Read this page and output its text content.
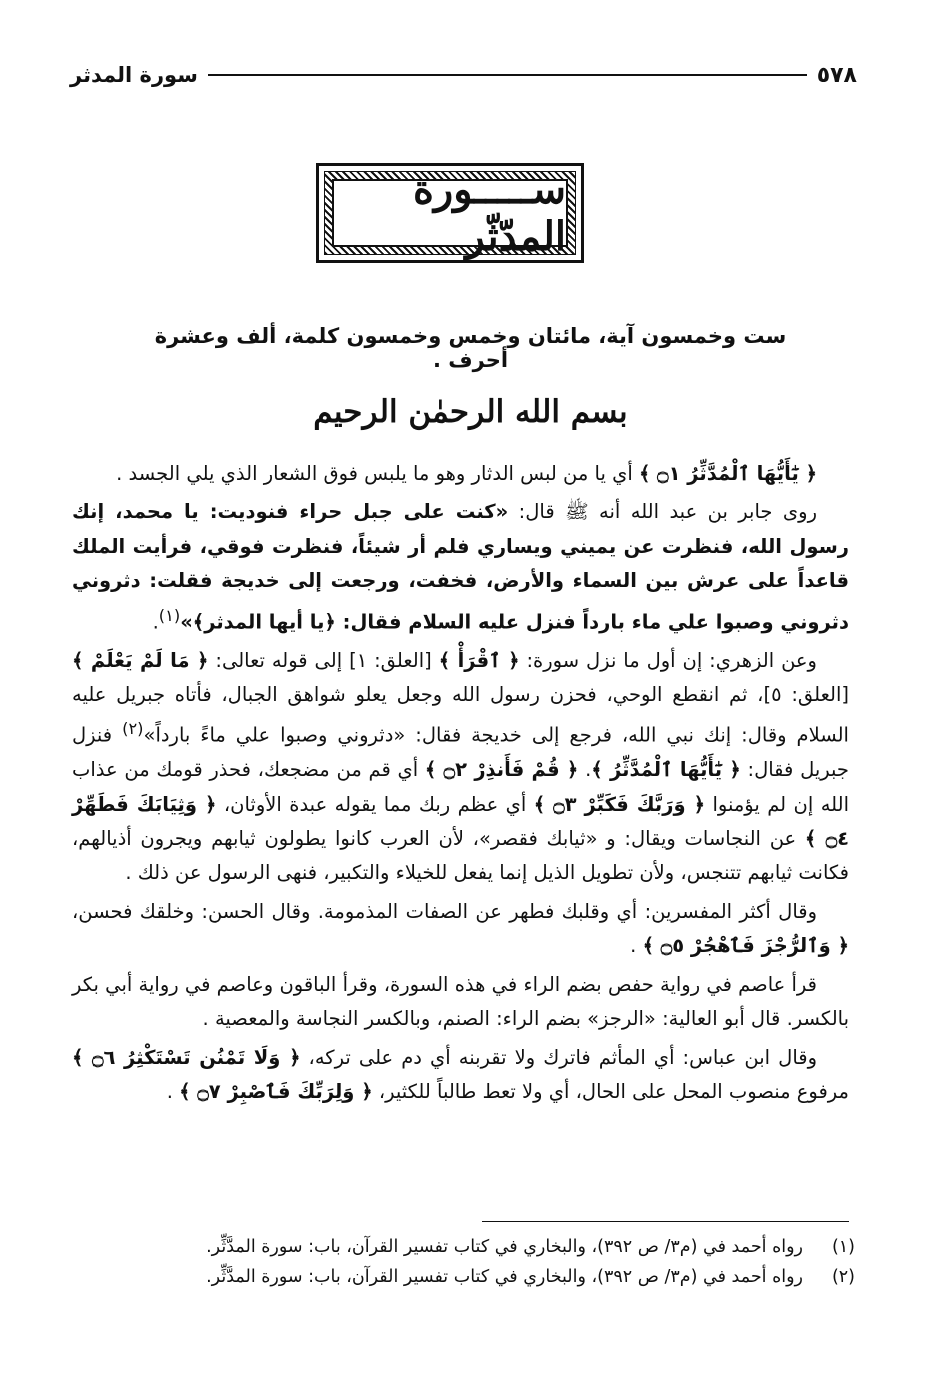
سورة المدثر	٥٧٨
ســـــورة المدّثّر
ست وخمسون آية، مائتان وخمس وخمسون كلمة، ألف وعشرة أحرف .
بسم الله الرحمٰن الرحيم

﴿ يَٰٓأَيُّهَا ٱلْمُدَّثِّرُ ۝١ ﴾ أي يا من لبس الدثار وهو ما يلبس فوق الشعار الذي يلي الجسد .

روى جابر بن عبد الله أنه ﷺ قال: «كنت على جبل حراء فنوديت: يا محمد، إنك رسول الله، فنظرت عن يميني ويساري فلم أر شيئاً، فنظرت فوقي، فرأيت الملك قاعداً على عرش بين السماء والأرض، فخفت، ورجعت إلى خديجة فقلت: دثروني دثروني وصبوا علي ماء بارداً فنزل عليه السلام فقال: ﴿يا أيها المدثر﴾»$^{(١)}$.

وعن الزهري: إن أول ما نزل سورة: ﴿ ٱقْرَأْ ﴾ [العلق: ١] إلى قوله تعالى: ﴿ مَا لَمْ يَعْلَمْ ﴾ [العلق: ٥]، ثم انقطع الوحي، فحزن رسول الله وجعل يعلو شواهق الجبال، فأتاه جبريل عليه السلام وقال: إنك نبي الله، فرجع إلى خديجة فقال: «دثروني وصبوا علي ماءً بارداً»$^{(٢)}$ فنزل جبريل فقال: ﴿ يَٰٓأَيُّهَا ٱلْمُدَّثِّرُ ﴾. ﴿ قُمْ فَأَنذِرْ ۝٢ ﴾ أي قم من مضجعك، فحذر قومك من عذاب الله إن لم يؤمنوا ﴿ وَرَبَّكَ فَكَبِّرْ ۝٣ ﴾ أي عظم ربك مما يقوله عبدة الأوثان، ﴿ وَثِيَابَكَ فَطَهِّرْ ۝٤ ﴾ عن النجاسات ويقال: و «ثيابك فقصر»، لأن العرب كانوا يطولون ثيابهم ويجرون أذيالهم، فكانت ثيابهم تتنجس، ولأن تطويل الذيل إنما يفعل للخيلاء والتكبير، فنهى الرسول عن ذلك .

وقال أكثر المفسرين: أي وقلبك فطهر عن الصفات المذمومة. وقال الحسن: وخلقك فحسن، ﴿ وَٱلرُّجْزَ فَٱهْجُرْ ۝٥ ﴾ .

قرأ عاصم في رواية حفص بضم الراء في هذه السورة، وقرأ الباقون وعاصم في رواية أبي بكر بالكسر. قال أبو العالية: «الرجز» بضم الراء: الصنم، وبالكسر النجاسة والمعصية .

وقال ابن عباس: أي المأثم فاترك ولا تقربنه أي دم على تركه، ﴿ وَلَا تَمْنُن تَسْتَكْثِرُ ۝٦ ﴾ مرفوع منصوب المحل على الحال، أي ولا تعط طالباً للكثير، ﴿ وَلِرَبِّكَ فَٱصْبِرْ ۝٧ ﴾ .

(١)
رواه أحمد في (م٣/ ص ٣٩٢)، والبخاري في كتاب تفسير القرآن، باب: سورة المدَّثِّر.
(٢)
رواه أحمد في (م٣/ ص ٣٩٢)، والبخاري في كتاب تفسير القرآن، باب: سورة المدَّثِّر.
